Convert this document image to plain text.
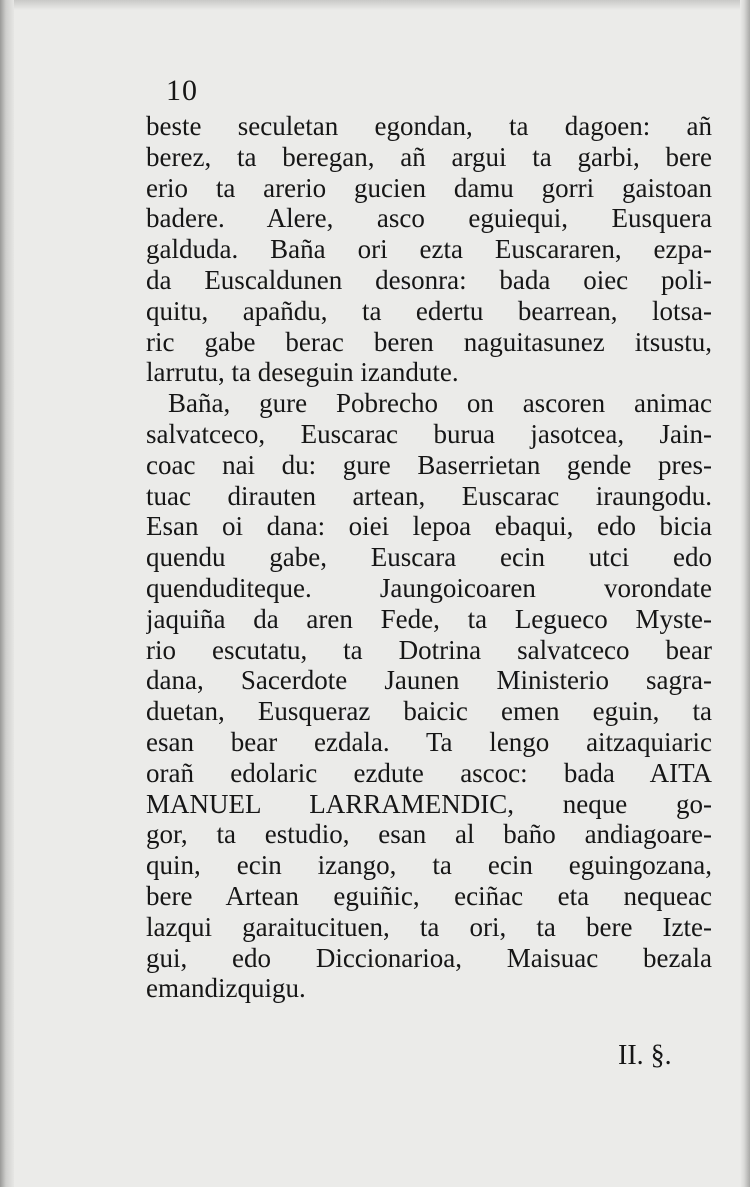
10
beste seculetan egondan, ta dagoen: añ
berez, ta beregan, añ argui ta garbi, bere
erio ta arerio gucien damu gorri gaistoan
badere. Alere, asco eguiequi, Eusquera
galduda. Baña ori ezta Euscararen, ezpa-
da Euscaldunen desonra: bada oiec poli-
quitu, apañdu, ta edertu bearrean, lotsa-
ric gabe berac beren naguitasunez itsustu,
larrutu, ta deseguin izandute.
Baña, gure Pobrecho on ascoren animac
salvatceco, Euscarac burua jasotcea, Jain-
coac nai du: gure Baserrietan gende pres-
tuac dirauten artean, Euscarac iraungodu.
Esan oi dana: oiei lepoa ebaqui, edo bicia
quendu gabe, Euscara ecin utci edo
quenduditeque. Jaungoicoaren vorondate
jaquiña da aren Fede, ta Legueco Myste-
rio escutatu, ta Dotrina salvatceco bear
dana, Sacerdote Jaunen Ministerio sagra-
duetan, Eusqueraz baicic emen eguin, ta
esan bear ezdala. Ta lengo aitzaquiaric
orañ edolaric ezdute ascoc: bada AITA
MANUEL LARRAMENDIC, neque go-
gor, ta estudio, esan al baño andiagoare-
quin, ecin izango, ta ecin eguingozana,
bere Artean eguiñic, eciñac eta nequeac
lazqui garaitucituen, ta ori, ta bere Izte-
gui, edo Diccionarioa, Maisuac bezala
emandizquigu.
II. §.
